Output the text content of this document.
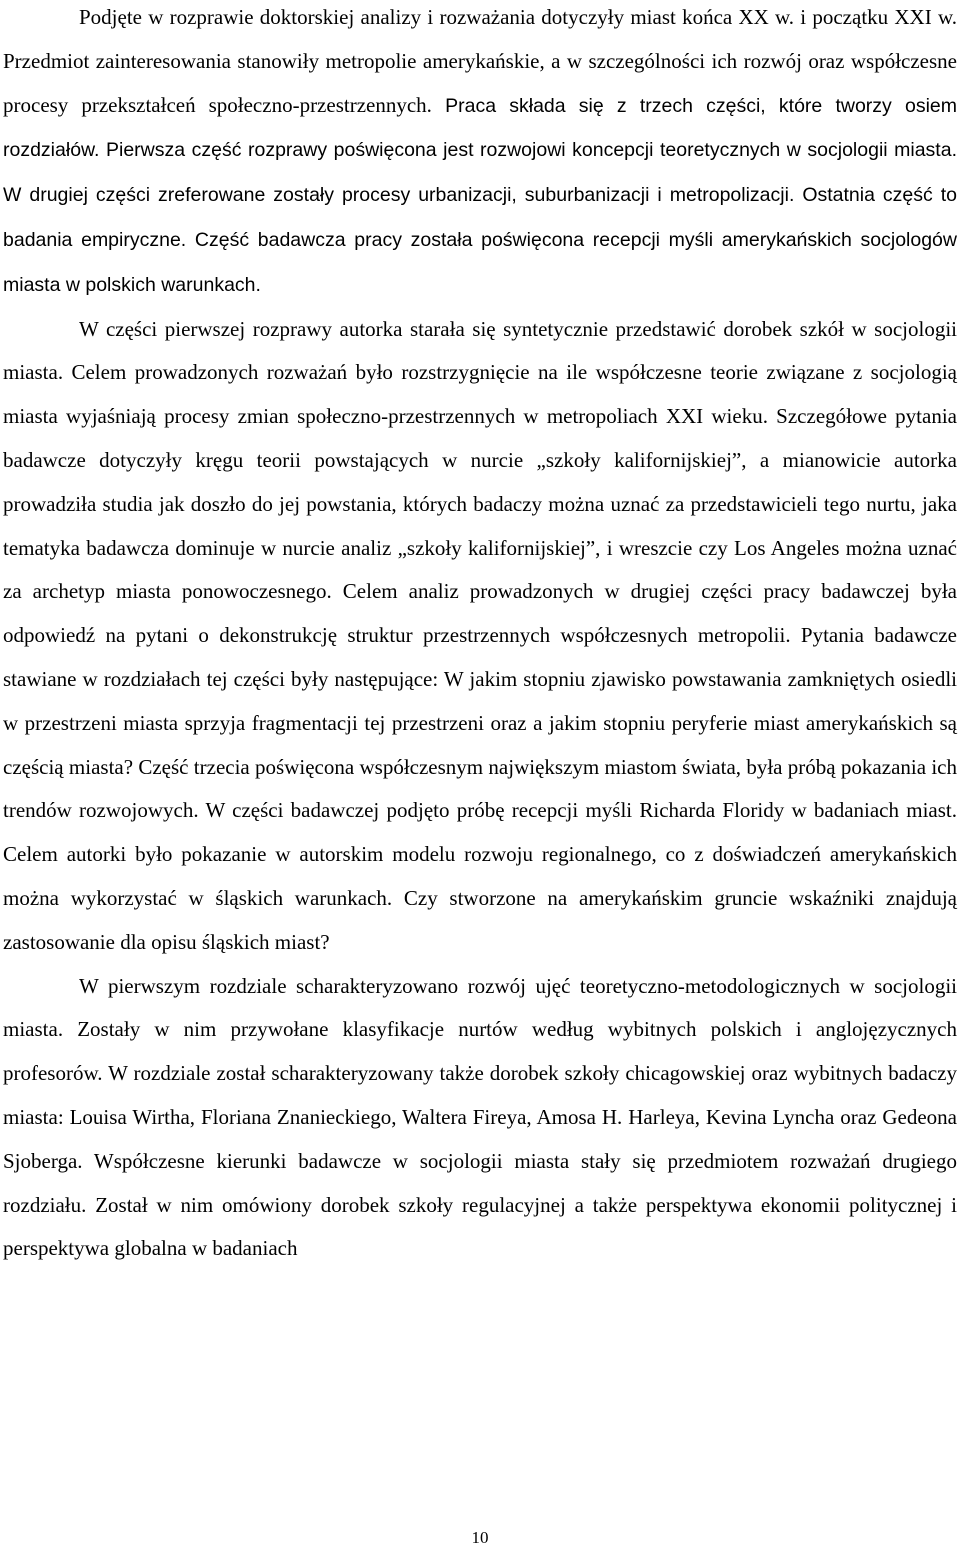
Podjęte w rozprawie doktorskiej analizy i rozważania dotyczyły miast końca XX w. i początku XXI w. Przedmiot zainteresowania stanowiły metropolie amerykańskie, a w szczególności ich rozwój oraz współczesne procesy przekształceń społeczno-przestrzennych. Praca składa się z trzech części, które tworzy osiem rozdziałów. Pierwsza część rozprawy poświęcona jest rozwojowi koncepcji teoretycznych w socjologii miasta. W drugiej części zreferowane zostały procesy urbanizacji, suburbanizacji i metropolizacji. Ostatnia część to badania empiryczne. Część badawcza pracy została poświęcona recepcji myśli amerykańskich socjologów miasta w polskich warunkach.

W części pierwszej rozprawy autorka starała się syntetycznie przedstawić dorobek szkół w socjologii miasta. Celem prowadzonych rozważań było rozstrzygnięcie na ile współczesne teorie związane z socjologią miasta wyjaśniają procesy zmian społeczno-przestrzennych w metropoliach XXI wieku. Szczegółowe pytania badawcze dotyczyły kręgu teorii powstających w nurcie „szkoły kalifornijskiej”, a mianowicie autorka prowadziła studia jak doszło do jej powstania, których badaczy można uznać za przedstawicieli tego nurtu, jaka tematyka badawcza dominuje w nurcie analiz „szkoły kalifornijskiej”, i wreszcie czy Los Angeles można uznać za archetyp miasta ponowoczesnego. Celem analiz prowadzonych w drugiej części pracy badawczej była odpowiedź na pytani o dekonstrukcję struktur przestrzennych współczesnych metropolii. Pytania badawcze stawiane w rozdziałach tej części były następujące: W jakim stopniu zjawisko powstawania zamkniętych osiedli w przestrzeni miasta sprzyja fragmentacji tej przestrzeni oraz a jakim stopniu peryferie miast amerykańskich są częścią miasta? Część trzecia poświęcona współczesnym największym miastom świata, była próbą pokazania ich trendów rozwojowych. W części badawczej podjęto próbę recepcji myśli Richarda Floridy w badaniach miast. Celem autorki było pokazanie w autorskim modelu rozwoju regionalnego, co z doświadczeń amerykańskich można wykorzystać w śląskich warunkach. Czy stworzone na amerykańskim gruncie wskaźniki znajdują zastosowanie dla opisu śląskich miast?

W pierwszym rozdziale scharakteryzowano rozwój ujęć teoretyczno-metodologicznych w socjologii miasta. Zostały w nim przywołane klasyfikacje nurtów według wybitnych polskich i anglojęzycznych profesorów. W rozdziale został scharakteryzowany także dorobek szkoły chicagowskiej oraz wybitnych badaczy miasta: Louisa Wirtha, Floriana Znanieckiego, Waltera Fireya, Amosa H. Harleya, Kevina Lyncha oraz Gedeona Sjoberga. Współczesne kierunki badawcze w socjologii miasta stały się przedmiotem rozważań drugiego rozdziału. Został w nim omówiony dorobek szkoły regulacyjnej a także perspektywa ekonomii politycznej i perspektywa globalna w badaniach

10
